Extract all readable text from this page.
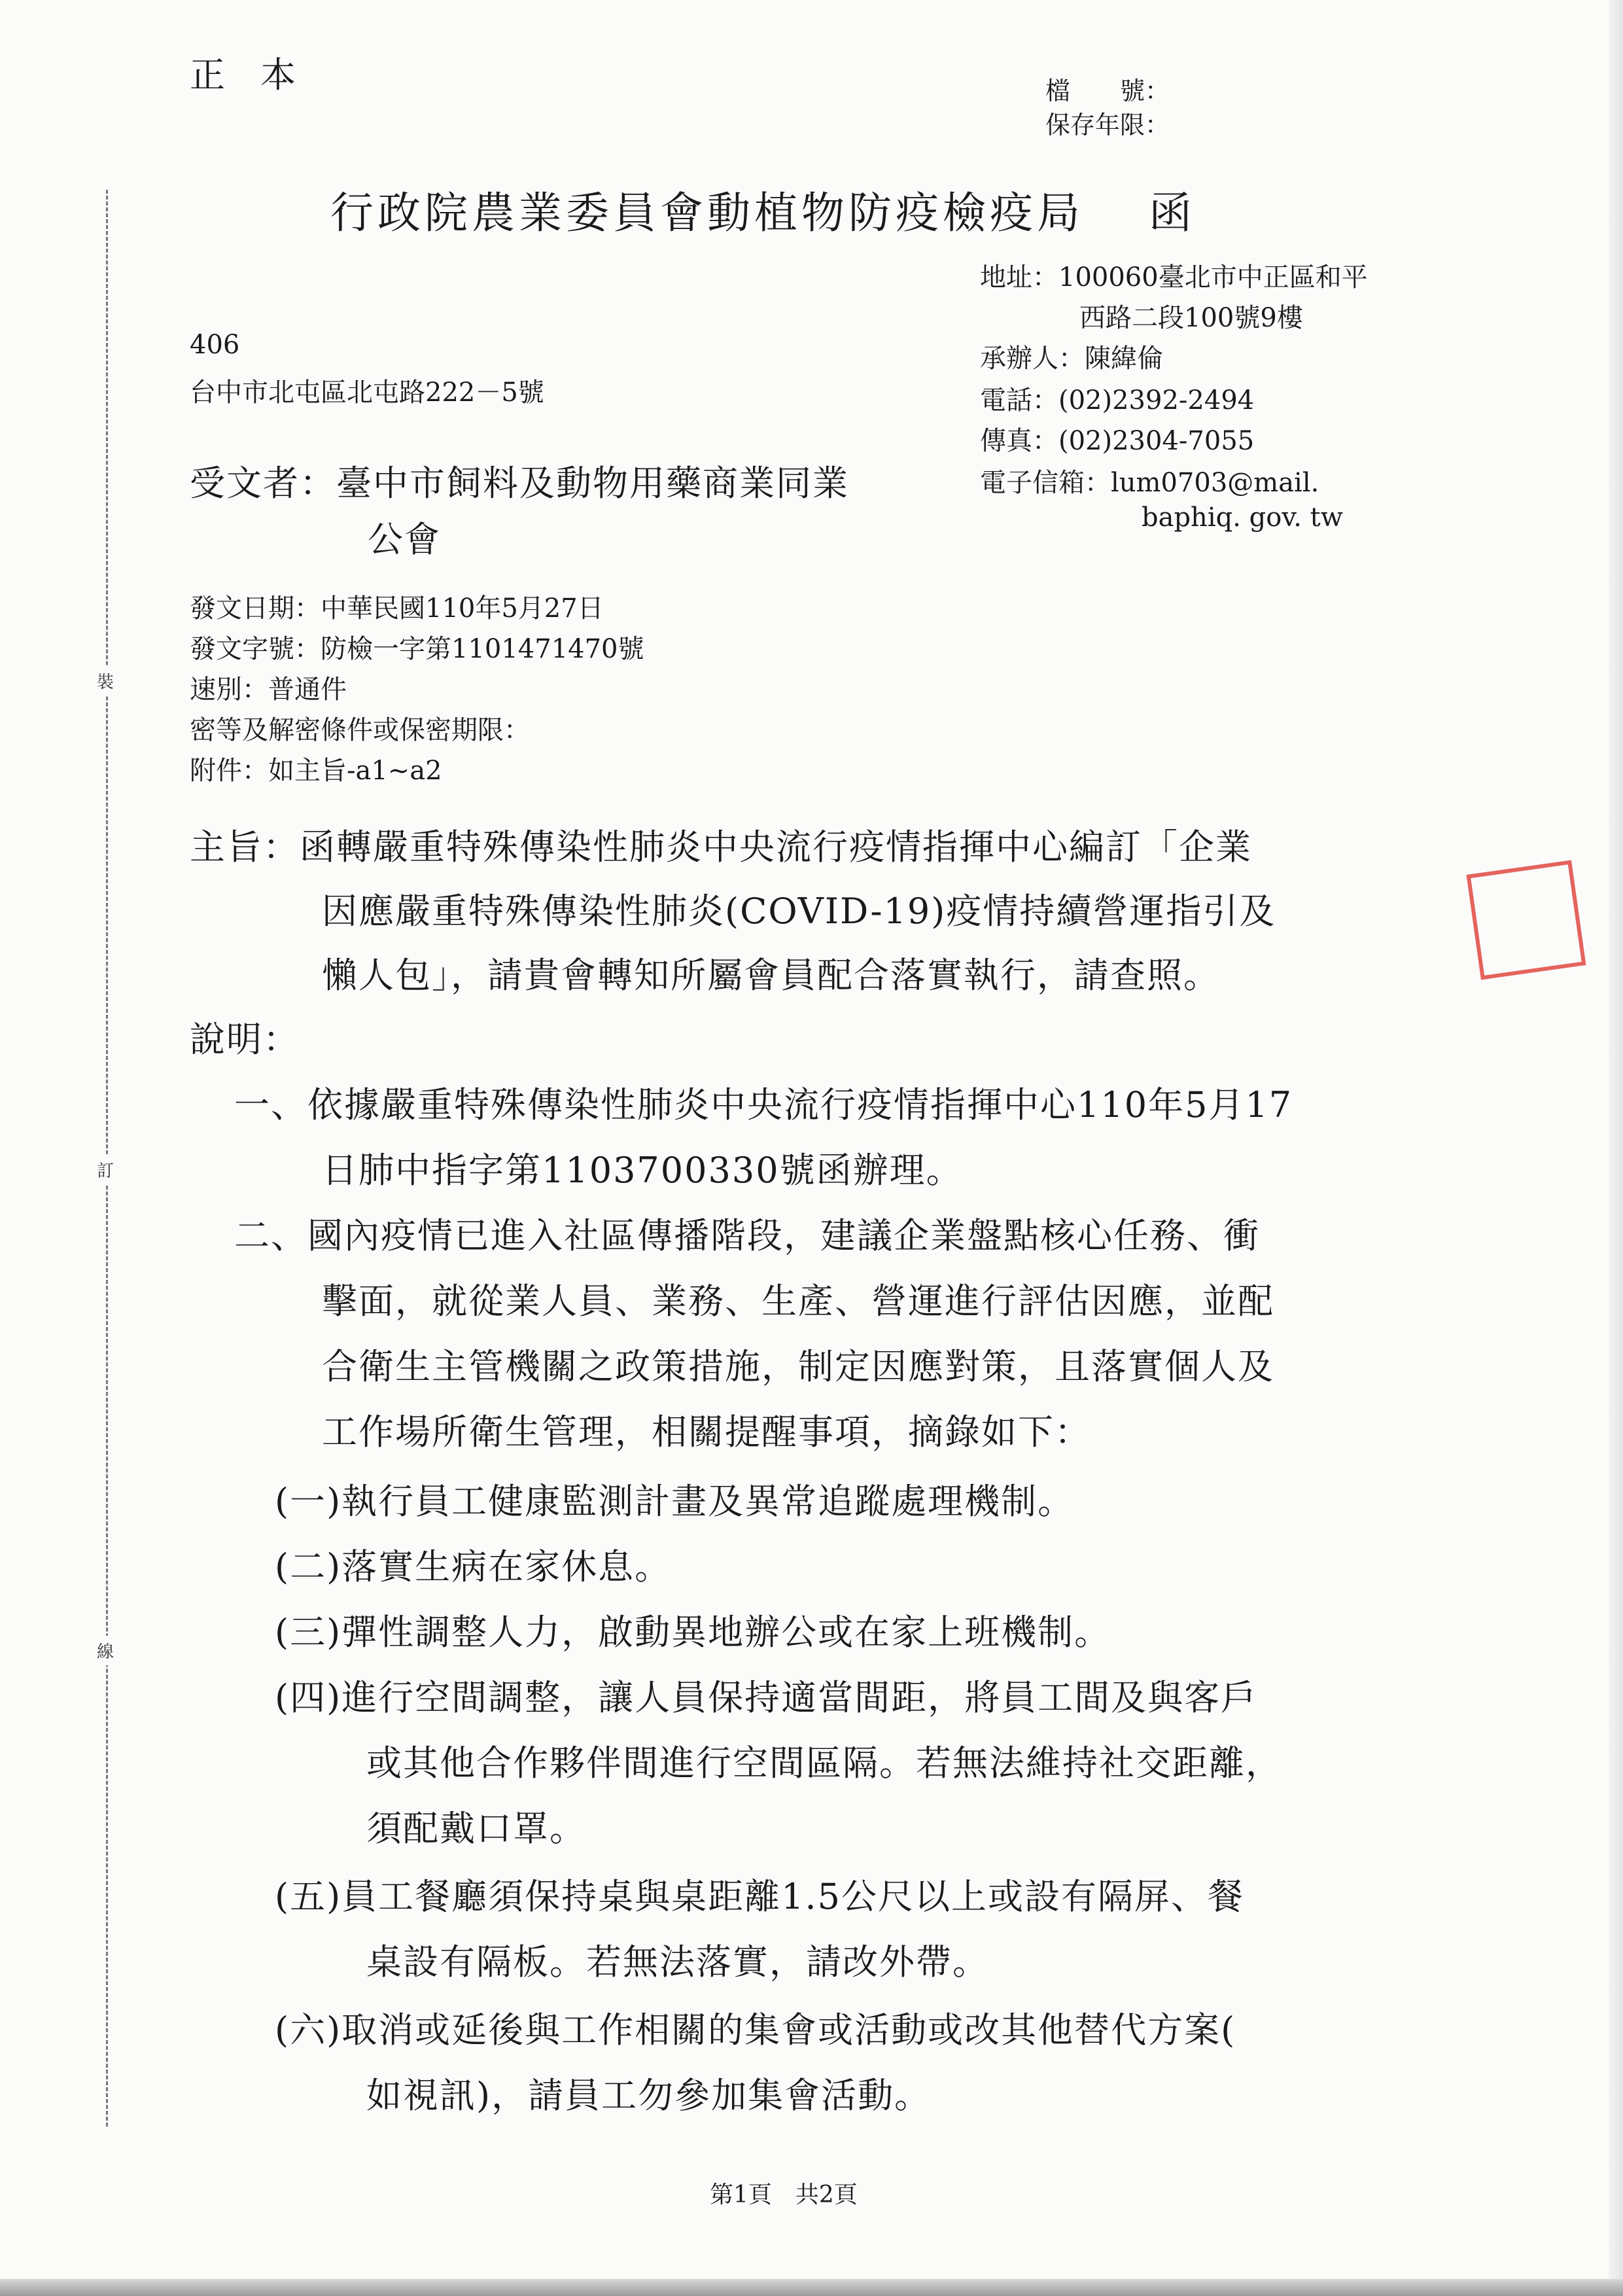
裝
訂
線
正　本	檔　　號：
保存年限：
行政院農業委員會動植物防疫檢疫局　 函
地址：100060臺北市中正區和平
西路二段100號9樓
承辦人：陳緯倫
電話：(02)2392-2494
傳真：(02)2304-7055
電子信箱：lum0703@mail.
baphiq. gov. tw
406
台中市北屯區北屯路222－5號
受文者：臺中市飼料及動物用藥商業同業
公會
發文日期：中華民國110年5月27日
發文字號：防檢一字第1101471470號
速別：普通件
密等及解密條件或保密期限：
附件：如主旨-a1~a2
主旨：函轉嚴重特殊傳染性肺炎中央流行疫情指揮中心編訂「企業
因應嚴重特殊傳染性肺炎(COVID-19)疫情持續營運指引及
懶人包」，請貴會轉知所屬會員配合落實執行，請查照。
說明：
一、依據嚴重特殊傳染性肺炎中央流行疫情指揮中心110年5月17
日肺中指字第1103700330號函辦理。
二、國內疫情已進入社區傳播階段，建議企業盤點核心任務、衝
擊面，就從業人員、業務、生產、營運進行評估因應，並配
合衛生主管機關之政策措施，制定因應對策，且落實個人及
工作場所衛生管理，相關提醒事項，摘錄如下：
(一)執行員工健康監測計畫及異常追蹤處理機制。
(二)落實生病在家休息。
(三)彈性調整人力，啟動異地辦公或在家上班機制。
(四)進行空間調整，讓人員保持適當間距，將員工間及與客戶
或其他合作夥伴間進行空間區隔。若無法維持社交距離，
須配戴口罩。
(五)員工餐廳須保持桌與桌距離1.5公尺以上或設有隔屏、餐
桌設有隔板。若無法落實，請改外帶。
(六)取消或延後與工作相關的集會或活動或改其他替代方案(
如視訊)，請員工勿參加集會活動。
第1頁　共2頁
